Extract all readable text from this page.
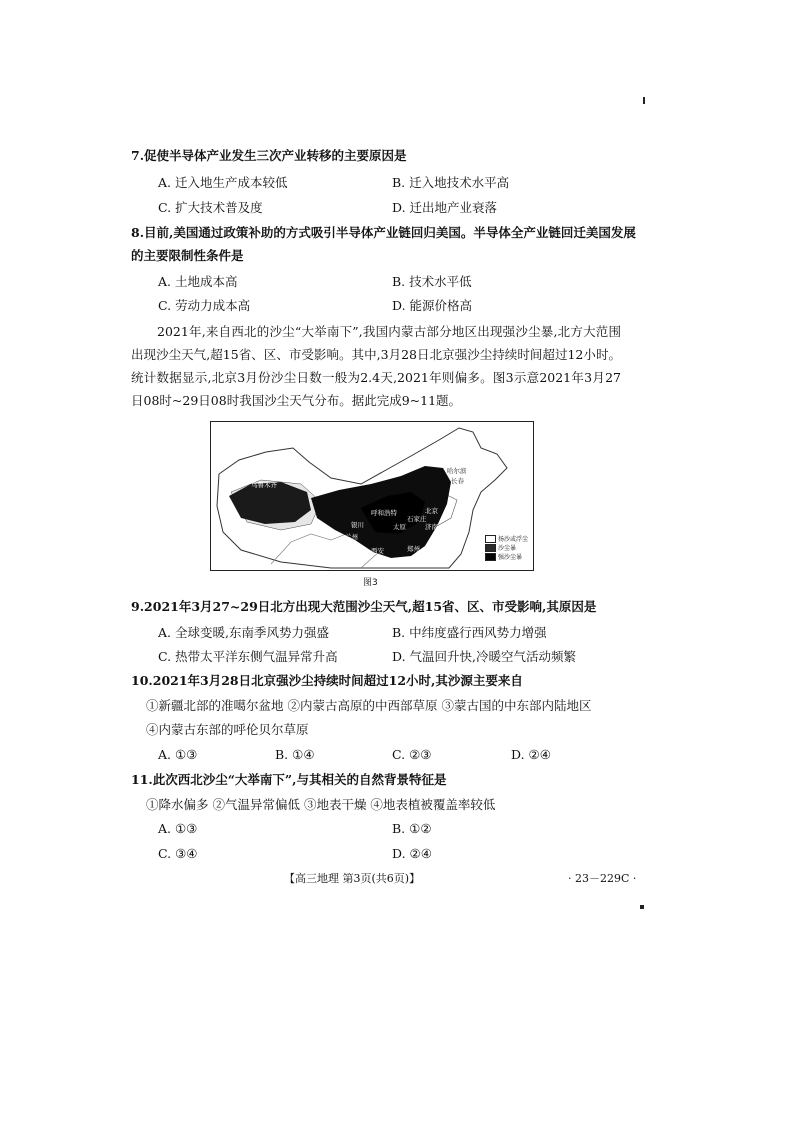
7.促使半导体产业发生三次产业转移的主要原因是
A. 迁入地生产成本较低	B. 迁入地技术水平高
C. 扩大技术普及度	D. 迁出地产业衰落
8.目前,美国通过政策补助的方式吸引半导体产业链回归美国。半导体全产业链回迁美国发展
的主要限制性条件是
A. 土地成本高	B. 技术水平低
C. 劳动力成本高	D. 能源价格高

2021年,来自西北的沙尘“大举南下”,我国内蒙古部分地区出现强沙尘暴,北方大范围出现沙尘天气,超15省、区、市受影响。其中,3月28日北京强沙尘持续时间超过12小时。统计数据显示,北京3月份沙尘日数一般为2.4天,2021年则偏多。图3示意2021年3月27日08时~29日08时我国沙尘天气分布。据此完成9~11题。

乌鲁木齐
哈尔滨
长春
呼和浩特	北京
银川
兰州
太原
西安	郑州
济南
石家庄
扬沙或浮尘
沙尘暴
强沙尘暴
图3
9.2021年3月27~29日北方出现大范围沙尘天气,超15省、区、市受影响,其原因是
A. 全球变暖,东南季风势力强盛	B. 中纬度盛行西风势力增强
C. 热带太平洋东侧气温异常升高	D. 气温回升快,冷暖空气活动频繁
10.2021年3月28日北京强沙尘持续时间超过12小时,其沙源主要来自
①新疆北部的准噶尔盆地 ②内蒙古高原的中西部草原 ③蒙古国的中东部内陆地区
④内蒙古东部的呼伦贝尔草原
A. ①③	B. ①④	C. ②③	D. ②④
11.此次西北沙尘“大举南下”,与其相关的自然背景特征是
①降水偏多 ②气温异常偏低 ③地表干燥 ④地表植被覆盖率较低
A. ①③	B. ①②
C. ③④	D. ②④
【高三地理 第3页(共6页)】	· 23－229C ·
